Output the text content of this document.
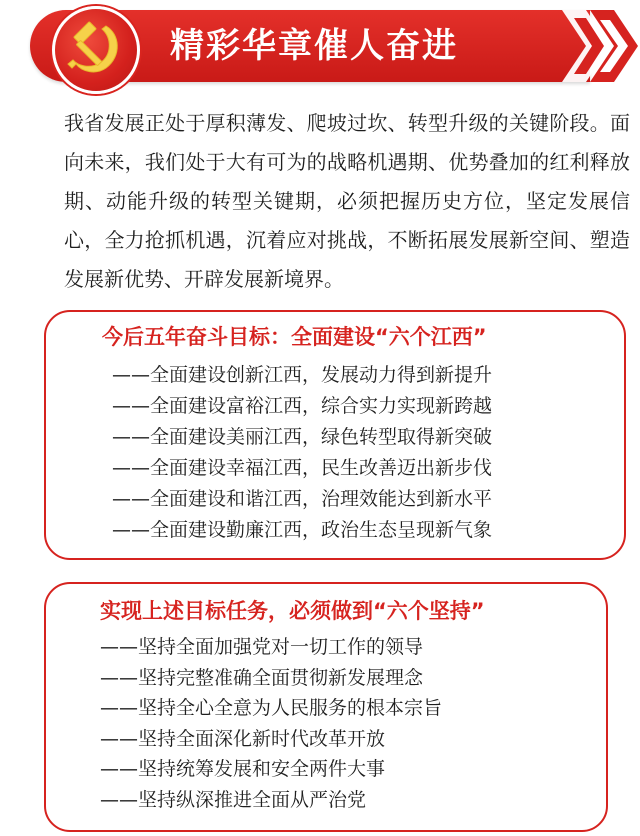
精彩华章催人奋进
我省发展正处于厚积薄发、爬坡过坎、转型升级的关键阶段。面向未来，我们处于大有可为的战略机遇期、优势叠加的红利释放期、动能升级的转型关键期，必须把握历史方位，坚定发展信心，全力抢抓机遇，沉着应对挑战，不断拓展发展新空间、塑造发展新优势、开辟发展新境界。
今后五年奋斗目标：全面建设“六个江西”
——全面建设创新江西，发展动力得到新提升
——全面建设富裕江西，综合实力实现新跨越
——全面建设美丽江西，绿色转型取得新突破
——全面建设幸福江西，民生改善迈出新步伐
——全面建设和谐江西，治理效能达到新水平
——全面建设勤廉江西，政治生态呈现新气象
实现上述目标任务，必须做到“六个坚持”
——坚持全面加强党对一切工作的领导
——坚持完整准确全面贯彻新发展理念
——坚持全心全意为人民服务的根本宗旨
——坚持全面深化新时代改革开放
——坚持统筹发展和安全两件大事
——坚持纵深推进全面从严治党
